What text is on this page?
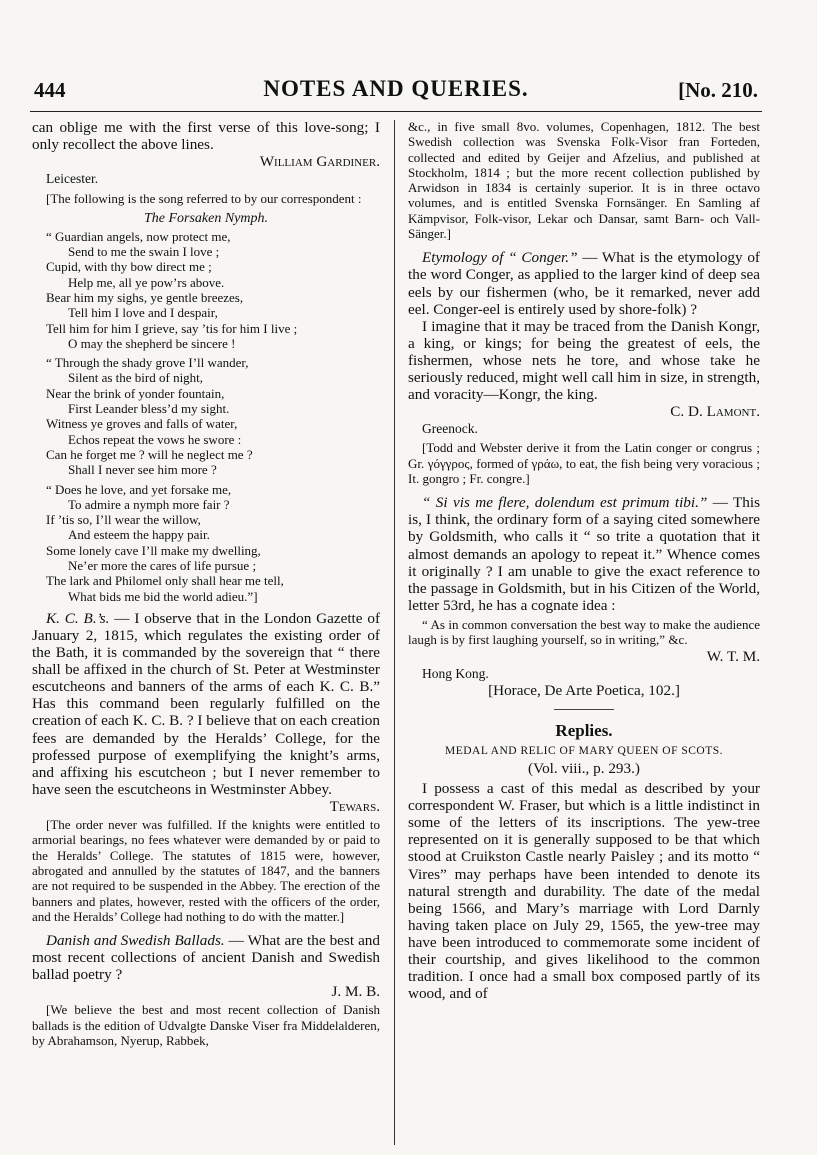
444	NOTES AND QUERIES.	[No. 210.

can oblige me with the first verse of this love-song; I only recollect the above lines.

William Gardiner.

Leicester.

[The following is the song referred to by our correspondent :

The Forsaken Nymph.

“ Guardian angels, now protect me,
Send to me the swain I love ;
Cupid, with thy bow direct me ;
Help me, all ye pow’rs above.
Bear him my sighs, ye gentle breezes,
Tell him I love and I despair,
Tell him for him I grieve, say ’tis for him I live ;
O may the shepherd be sincere !
“ Through the shady grove I’ll wander,
Silent as the bird of night,
Near the brink of yonder fountain,
First Leander bless’d my sight.
Witness ye groves and falls of water,
Echos repeat the vows he swore :
Can he forget me ? will he neglect me ?
Shall I never see him more ?
“ Does he love, and yet forsake me,
To admire a nymph more fair ?
If ’tis so, I’ll wear the willow,
And esteem the happy pair.
Some lonely cave I’ll make my dwelling,
Ne’er more the cares of life pursue ;
The lark and Philomel only shall hear me tell,
What bids me bid the world adieu.”]

K. C. B.’s. — I observe that in the London Gazette of January 2, 1815, which regulates the existing order of the Bath, it is commanded by the sovereign that “ there shall be affixed in the church of St. Peter at Westminster escutcheons and banners of the arms of each K. C. B.” Has this command been regularly fulfilled on the creation of each K. C. B. ? I believe that on each creation fees are demanded by the Heralds’ College, for the professed purpose of exemplifying the knight’s arms, and affixing his escutcheon ; but I never remember to have seen the escutcheons in Westminster Abbey.

Tewars.

[The order never was fulfilled. If the knights were entitled to armorial bearings, no fees whatever were demanded by or paid to the Heralds’ College. The statutes of 1815 were, however, abrogated and annulled by the statutes of 1847, and the banners are not required to be suspended in the Abbey. The erection of the banners and plates, however, rested with the officers of the order, and the Heralds’ College had nothing to do with the matter.]

Danish and Swedish Ballads. — What are the best and most recent collections of ancient Danish and Swedish ballad poetry ?

J. M. B.

[We believe the best and most recent collection of Danish ballads is the edition of Udvalgte Danske Viser fra Middelalderen, by Abrahamson, Nyerup, Rabbek,

&c., in five small 8vo. volumes, Copenhagen, 1812. The best Swedish collection was Svenska Folk-Visor fran Forteden, collected and edited by Geijer and Afzelius, and published at Stockholm, 1814 ; but the more recent collection published by Arwidson in 1834 is certainly superior. It is in three octavo volumes, and is entitled Svenska Fornsänger. En Samling af Kämpvisor, Folk-visor, Lekar och Dansar, samt Barn- och Vall-Sänger.]

Etymology of “ Conger.” — What is the etymology of the word Conger, as applied to the larger kind of deep sea eels by our fishermen (who, be it remarked, never add eel. Conger-eel is entirely used by shore-folk) ?

I imagine that it may be traced from the Danish Kongr, a king, or kings; for being the greatest of eels, the fishermen, whose nets he tore, and whose take he seriously reduced, might well call him in size, in strength, and voracity—Kongr, the king.

C. D. Lamont.

Greenock.

[Todd and Webster derive it from the Latin conger or congrus ; Gr. γόγγρος, formed of γράω, to eat, the fish being very voracious ; It. gongro ; Fr. congre.]

“ Si vis me flere, dolendum est primum tibi.” — This is, I think, the ordinary form of a saying cited somewhere by Goldsmith, who calls it “ so trite a quotation that it almost demands an apology to repeat it.” Whence comes it originally ? I am unable to give the exact reference to the passage in Goldsmith, but in his Citizen of the World, letter 53rd, he has a cognate idea :

“ As in common conversation the best way to make the audience laugh is by first laughing yourself, so in writing,” &c.

W. T. M.

Hong Kong.

[Horace, De Arte Poetica, 102.]

Replies.

MEDAL AND RELIC OF MARY QUEEN OF SCOTS.

(Vol. viii., p. 293.)

I possess a cast of this medal as described by your correspondent W. Fraser, but which is a little indistinct in some of the letters of its inscriptions. The yew-tree represented on it is generally supposed to be that which stood at Cruikston Castle nearly Paisley ; and its motto “ Vires” may perhaps have been intended to denote its natural strength and durability. The date of the medal being 1566, and Mary’s marriage with Lord Darnly having taken place on July 29, 1565, the yew-tree may have been introduced to commemorate some incident of their courtship, and gives likelihood to the common tradition. I once had a small box composed partly of its wood, and of
